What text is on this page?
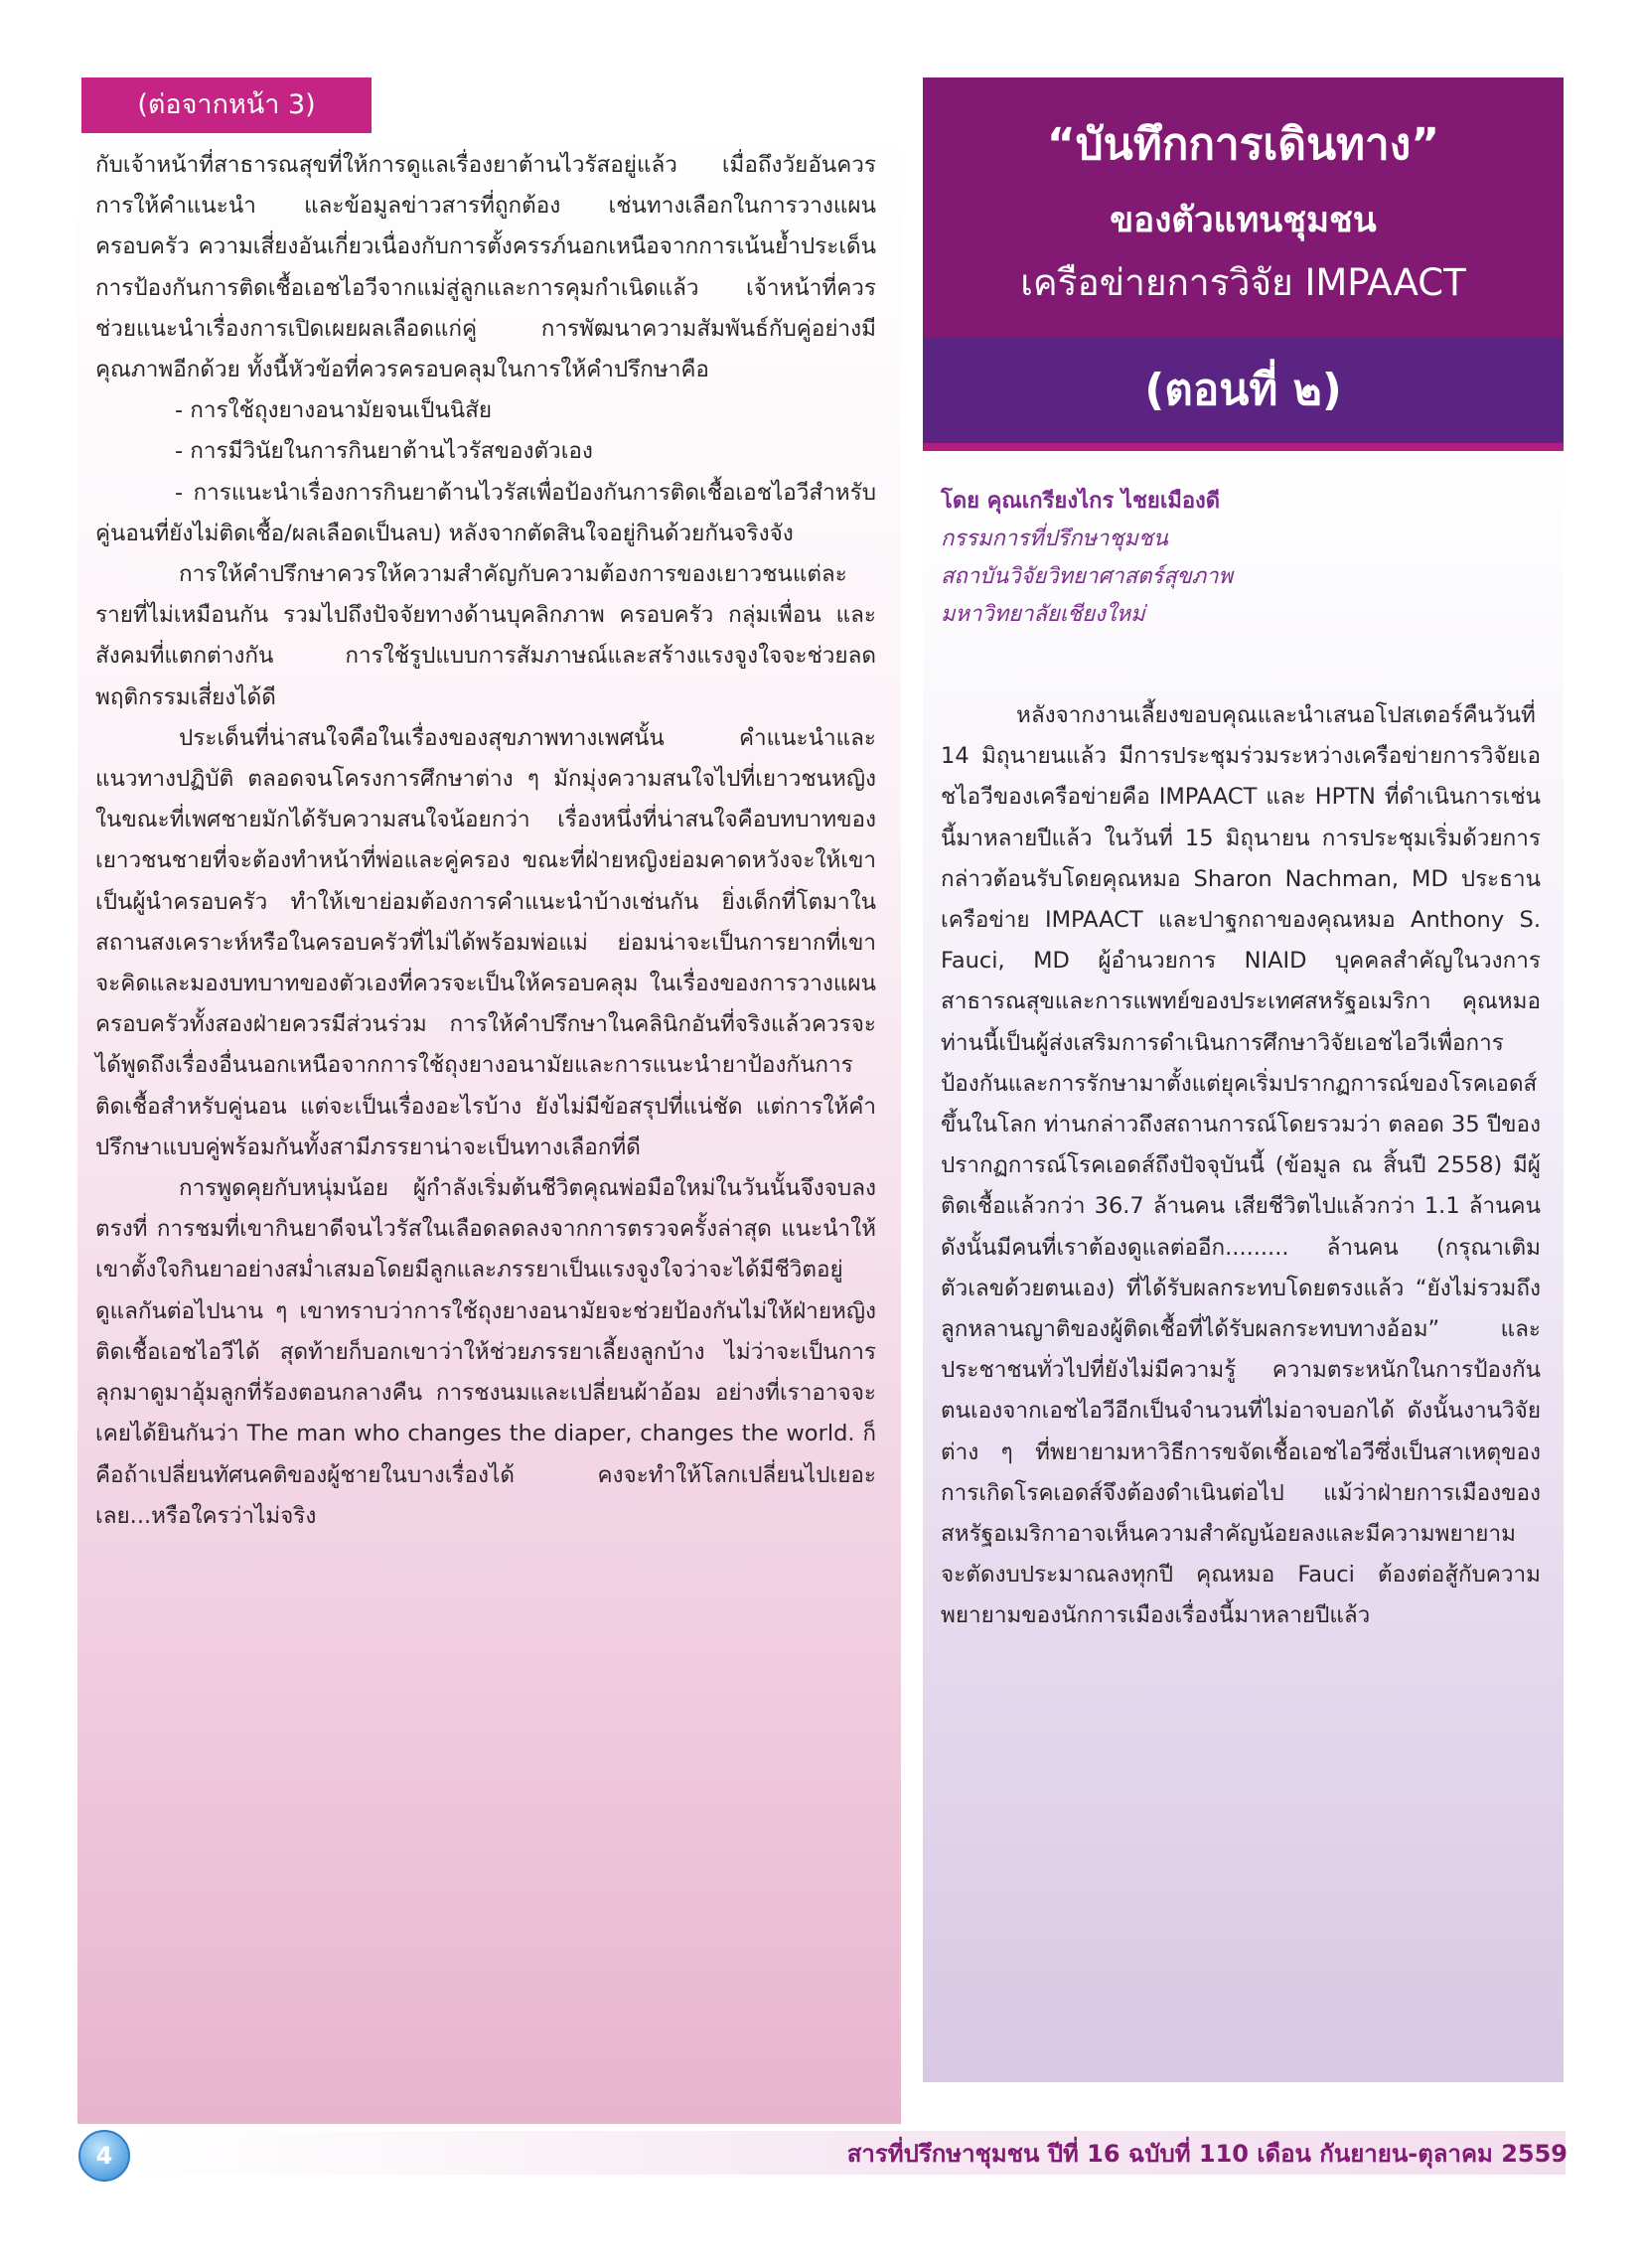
(ต่อจากหน้า 3)

กับเจ้าหน้าที่สาธารณสุขที่ให้การดูแลเรื่องยาต้านไวรัสอยู่แล้ว เมื่อถึงวัยอันควร การให้คำแนะนำ และข้อมูลข่าวสารที่ถูกต้อง เช่นทางเลือกในการวางแผนครอบครัว ความเสี่ยงอันเกี่ยวเนื่องกับการตั้งครรภ์นอกเหนือจากการเน้นย้ำประเด็นการป้องกันการติดเชื้อเอชไอวีจากแม่สู่ลูกและการคุมกำเนิดแล้ว เจ้าหน้าที่ควรช่วยแนะนำเรื่องการเปิดเผยผลเลือดแก่คู่ การพัฒนาความสัมพันธ์กับคู่อย่างมีคุณภาพอีกด้วย ทั้งนี้หัวข้อที่ควรครอบคลุมในการให้คำปรึกษาคือ

- การใช้ถุงยางอนามัยจนเป็นนิสัย

- การมีวินัยในการกินยาต้านไวรัสของตัวเอง

- การแนะนำเรื่องการกินยาต้านไวรัสเพื่อป้องกันการติดเชื้อเอชไอวีสำหรับคู่นอนที่ยังไม่ติดเชื้อ/ผลเลือดเป็นลบ) หลังจากตัดสินใจอยู่กินด้วยกันจริงจัง

การให้คำปรึกษาควรให้ความสำคัญกับความต้องการของเยาวชนแต่ละรายที่ไม่เหมือนกัน รวมไปถึงปัจจัยทางด้านบุคลิกภาพ ครอบครัว กลุ่มเพื่อน และสังคมที่แตกต่างกัน การใช้รูปแบบการสัมภาษณ์และสร้างแรงจูงใจจะช่วยลดพฤติกรรมเสี่ยงได้ดี

ประเด็นที่น่าสนใจคือในเรื่องของสุขภาพทางเพศนั้น คำแนะนำและแนวทางปฏิบัติ ตลอดจนโครงการศึกษาต่าง ๆ มักมุ่งความสนใจไปที่เยาวชนหญิง ในขณะที่เพศชายมักได้รับความสนใจน้อยกว่า เรื่องหนึ่งที่น่าสนใจคือบทบาทของเยาวชนชายที่จะต้องทำหน้าที่พ่อและคู่ครอง ขณะที่ฝ่ายหญิงย่อมคาดหวังจะให้เขาเป็นผู้นำครอบครัว ทำให้เขาย่อมต้องการคำแนะนำบ้างเช่นกัน ยิ่งเด็กที่โตมาในสถานสงเคราะห์หรือในครอบครัวที่ไม่ได้พร้อมพ่อแม่ ย่อมน่าจะเป็นการยากที่เขาจะคิดและมองบทบาทของตัวเองที่ควรจะเป็นให้ครอบคลุม ในเรื่องของการวางแผนครอบครัวทั้งสองฝ่ายควรมีส่วนร่วม การให้คำปรึกษาในคลินิกอันที่จริงแล้วควรจะได้พูดถึงเรื่องอื่นนอกเหนือจากการใช้ถุงยางอนามัยและการแนะนำยาป้องกันการติดเชื้อสำหรับคู่นอน แต่จะเป็นเรื่องอะไรบ้าง ยังไม่มีข้อสรุปที่แน่ชัด แต่การให้คำปรึกษาแบบคู่พร้อมกันทั้งสามีภรรยาน่าจะเป็นทางเลือกที่ดี

การพูดคุยกับหนุ่มน้อย ผู้กำลังเริ่มต้นชีวิตคุณพ่อมือใหม่ในวันนั้นจึงจบลงตรงที่ การชมที่เขากินยาดีจนไวรัสในเลือดลดลงจากการตรวจครั้งล่าสุด แนะนำให้เขาตั้งใจกินยาอย่างสม่ำเสมอโดยมีลูกและภรรยาเป็นแรงจูงใจว่าจะได้มีชีวิตอยู่ดูแลกันต่อไปนาน ๆ เขาทราบว่าการใช้ถุงยางอนามัยจะช่วยป้องกันไม่ให้ฝ่ายหญิงติดเชื้อเอชไอวีได้ สุดท้ายก็บอกเขาว่าให้ช่วยภรรยาเลี้ยงลูกบ้าง ไม่ว่าจะเป็นการลุกมาดูมาอุ้มลูกที่ร้องตอนกลางคืน การชงนมและเปลี่ยนผ้าอ้อม อย่างที่เราอาจจะเคยได้ยินกันว่า The man who changes the diaper, changes the world. ก็คือถ้าเปลี่ยนทัศนคติของผู้ชายในบางเรื่องได้ คงจะทำให้โลกเปลี่ยนไปเยอะเลย...หรือใครว่าไม่จริง

“บันทึกการเดินทาง”
ของตัวแทนชุมชน
เครือข่ายการวิจัย IMPAACT
(ตอนที่ ๒)
โดย คุณเกรียงไกร ไชยเมืองดี
กรรมการที่ปรึกษาชุมชน
สถาบันวิจัยวิทยาศาสตร์สุขภาพ
มหาวิทยาลัยเชียงใหม่

หลังจากงานเลี้ยงขอบคุณและนำเสนอโปสเตอร์คืนวันที่ 14 มิถุนายนแล้ว มีการประชุมร่วมระหว่างเครือข่ายการวิจัยเอชไอวีของเครือข่ายคือ IMPAACT และ HPTN ที่ดำเนินการเช่นนี้มาหลายปีแล้ว ในวันที่ 15 มิถุนายน การประชุมเริ่มด้วยการกล่าวต้อนรับโดยคุณหมอ Sharon Nachman, MD ประธานเครือข่าย IMPAACT และปาฐกถาของคุณหมอ Anthony S. Fauci, MD ผู้อำนวยการ NIAID บุคคลสำคัญในวงการสาธารณสุขและการแพทย์ของประเทศสหรัฐอเมริกา คุณหมอท่านนี้เป็นผู้ส่งเสริมการดำเนินการศึกษาวิจัยเอชไอวีเพื่อการป้องกันและการรักษามาตั้งแต่ยุคเริ่มปรากฏการณ์ของโรคเอดส์ขึ้นในโลก ท่านกล่าวถึงสถานการณ์โดยรวมว่า ตลอด 35 ปีของปรากฏการณ์โรคเอดส์ถึงปัจจุบันนี้ (ข้อมูล ณ สิ้นปี 2558) มีผู้ติดเชื้อแล้วกว่า 36.7 ล้านคน เสียชีวิตไปแล้วกว่า 1.1 ล้านคน ดังนั้นมีคนที่เราต้องดูแลต่ออีก......... ล้านคน (กรุณาเติมตัวเลขด้วยตนเอง) ที่ได้รับผลกระทบโดยตรงแล้ว “ยังไม่รวมถึงลูกหลานญาติของผู้ติดเชื้อที่ได้รับผลกระทบทางอ้อม” และประชาชนทั่วไปที่ยังไม่มีความรู้ ความตระหนักในการป้องกันตนเองจากเอชไอวีอีกเป็นจำนวนที่ไม่อาจบอกได้ ดังนั้นงานวิจัยต่าง ๆ ที่พยายามหาวิธีการขจัดเชื้อเอชไอวีซึ่งเป็นสาเหตุของการเกิดโรคเอดส์จึงต้องดำเนินต่อไป แม้ว่าฝ่ายการเมืองของสหรัฐอเมริกาอาจเห็นความสำคัญน้อยลงและมีความพยายามจะตัดงบประมาณลงทุกปี คุณหมอ Fauci ต้องต่อสู้กับความพยายามของนักการเมืองเรื่องนี้มาหลายปีแล้ว

4	สารที่ปรึกษาชุมชน ปีที่ 16 ฉบับที่ 110 เดือน กันยายน-ตุลาคม 2559
